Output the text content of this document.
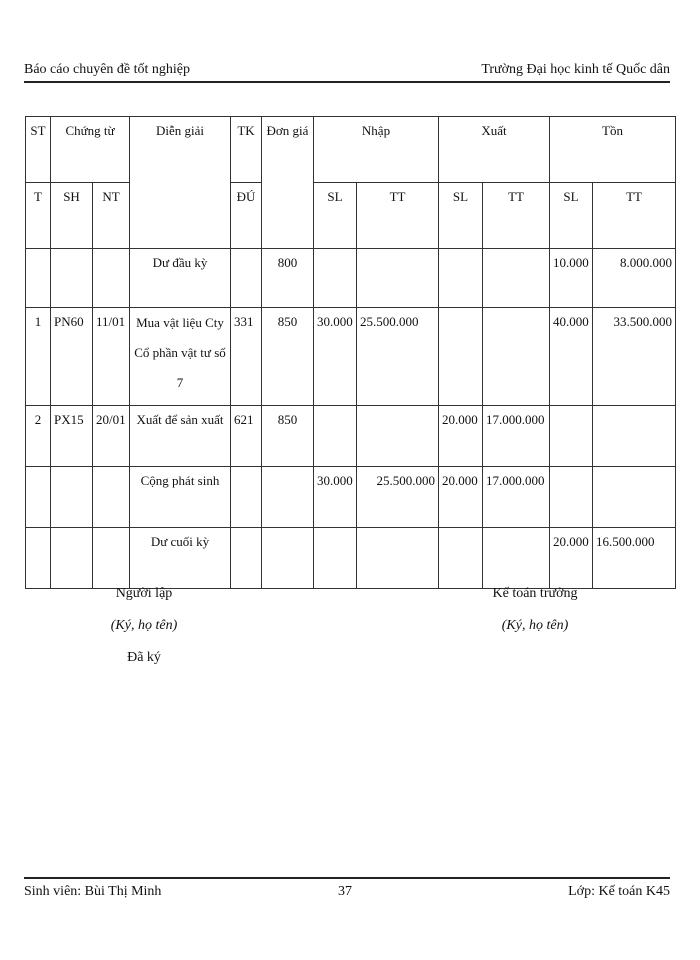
Báo cáo chuyên đề tốt nghiệp	Trường Đại học kinh tế Quốc dân
ST	Chứng từ		Diễn giải	TK	Đơn giá	Nhập		Xuất		Tồn	
T	SH	NT		ĐÚ		SL	TT	SL	TT	SL	TT
			Dư đầu kỳ		800					10.000	8.000.000
1	PN60	11/01	Mua vật liệu Cty Cổ phần vật tư số 7	331	850	30.000	25.500.000			40.000	33.500.000
2	PX15	20/01	Xuất để sản xuất	621	850			20.000	17.000.000		
			Cộng phát sinh			30.000	25.500.000	20.000	17.000.000		
			Dư cuối kỳ							20.000	16.500.000
Người lập
(Ký, họ tên)
Đã ký
Kế toán trưởng
(Ký, họ tên)
Sinh viên: Bùi Thị Minh	37	Lớp: Kế toán K45
